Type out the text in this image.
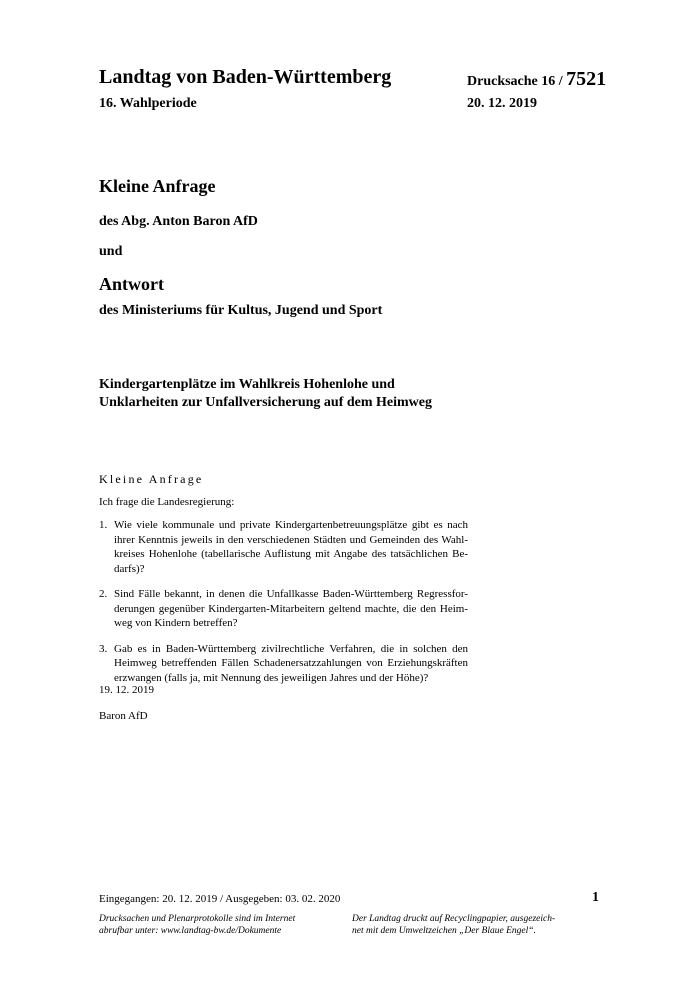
Landtag von Baden-Württemberg
16. Wahlperiode
Drucksache 16 / 7521
20. 12. 2019
Kleine Anfrage
des Abg. Anton Baron AfD
und
Antwort
des Ministeriums für Kultus, Jugend und Sport
Kindergartenplätze im Wahlkreis Hohenlohe und
Unklarheiten zur Unfallversicherung auf dem Heimweg
Kleine Anfrage
Ich frage die Landesregierung:
1. Wie viele kommunale und private Kindergartenbetreuungsplätze gibt es nach
ihrer Kenntnis jeweils in den verschiedenen Städten und Gemeinden des Wahl-
kreises Hohenlohe (tabellarische Auflistung mit Angabe des tatsächlichen Be-
darfs)?
2. Sind Fälle bekannt, in denen die Unfallkasse Baden-Württemberg Regressfor-
derungen gegenüber Kindergarten-Mitarbeitern geltend machte, die den Heim-
weg von Kindern betreffen?
3. Gab es in Baden-Württemberg zivilrechtliche Verfahren, die in solchen den
Heimweg betreffenden Fällen Schadenersatzzahlungen von Erziehungskräften
erzwangen (falls ja, mit Nennung des jeweiligen Jahres und der Höhe)?
19. 12. 2019
Baron AfD
Eingegangen: 20. 12. 2019 / Ausgegeben: 03. 02. 2020	1
Drucksachen und Plenarprotokolle sind im Internet
abrufbar unter: www.landtag-bw.de/Dokumente
Der Landtag druckt auf Recyclingpapier, ausgezeich-
net mit dem Umweltzeichen „Der Blaue Engel“.
